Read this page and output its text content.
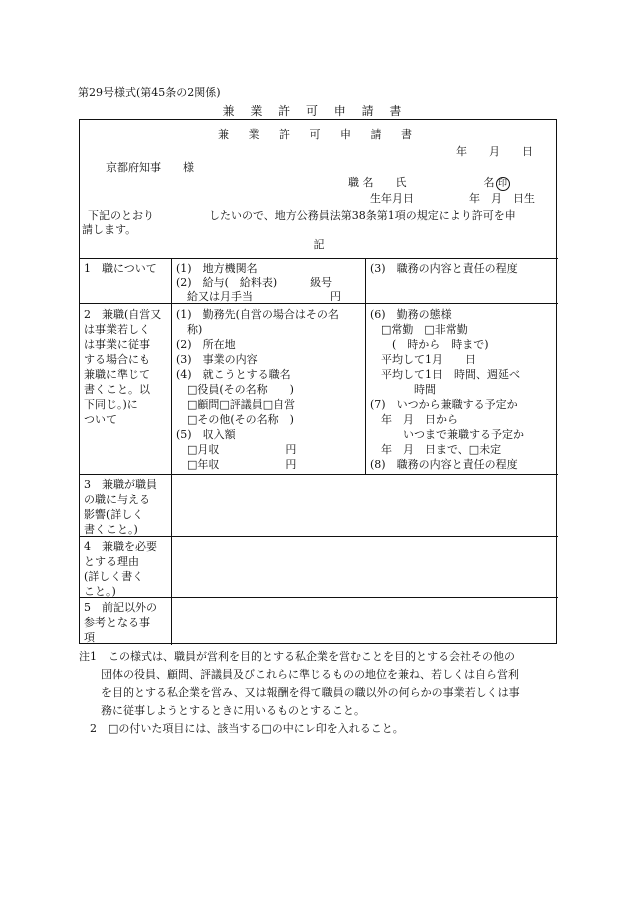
第29号様式(第45条の2関係)
兼 業 許 可 申 請 書
兼 業 許 可 申 請 書
年　　月　　日
京都府知事　　様
職 名　　氏　　　　　　　名 印
生年月日　　　　　年　月　日生
下記のとおり　　　　　したいので、地方公務員法第38条第1項の規定により許可を申
請します。
記
1　職について (1)　地方機関名
(2)　給与(　給料表)　　　級号
　給又は月手当　　　　　　　円
(3)　職務の内容と責任の程度
2　兼職(自営又
は事業若しく
は事業に従事
する場合にも
兼職に準じて
書くこと。以
下同じ。)に
ついて
(1)　勤務先(自営の場合はその名
　称)
(2)　所在地
(3)　事業の内容
(4)　就こうとする職名
　□役員(その名称　　)
　□顧問□評議員□自営
　□その他(その名称　)
(5)　収入額
　□月収　　　　　　円
　□年収　　　　　　円
(6)　勤務の態様
　□常勤　□非常勤
　　(　時から　時まで)
　平均して1月　　日
　平均して1日　時間、週延べ
　　　　時間
(7)　いつから兼職する予定か
　年　月　日から
　　　いつまで兼職する予定か
　年　月　日まで、□未定
(8)　職務の内容と責任の程度
3　兼職が職員
の職に与える
影響(詳しく
書くこと。)
4　兼職を必要
とする理由
(詳しく書く
こと。)
5　前記以外の
参考となる事
項
注1　この様式は、職員が営利を目的とする私企業を営むことを目的とする会社その他の
　　団体の役員、顧問、評議員及びこれらに準じるものの地位を兼ね、若しくは自ら営利
　　を目的とする私企業を営み、又は報酬を得て職員の職以外の何らかの事業若しくは事
　　務に従事しようとするときに用いるものとすること。
　2　□の付いた項目には、該当する□の中にレ印を入れること。
